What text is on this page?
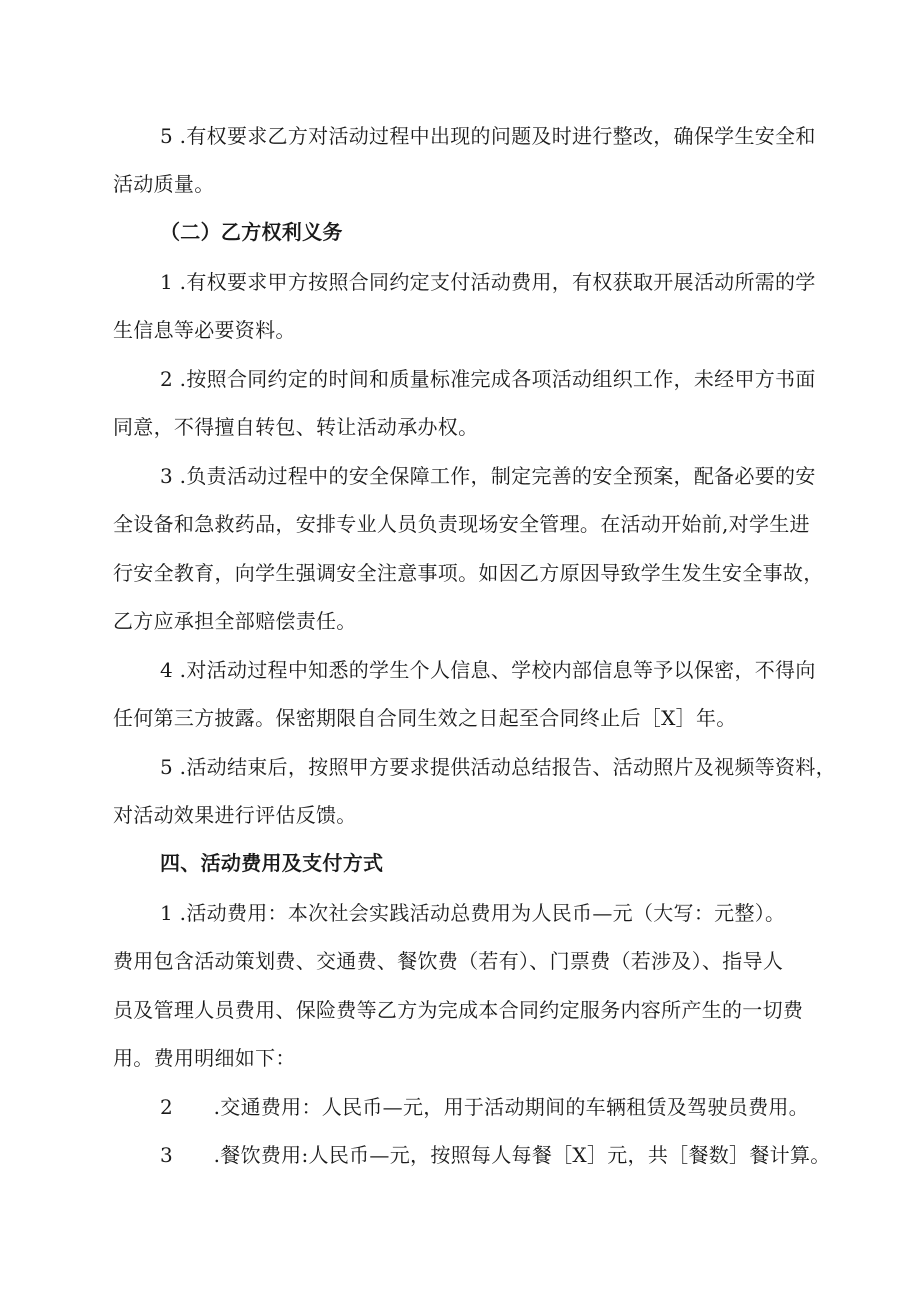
5 .有权要求乙方对活动过程中出现的问题及时进行整改，确保学生安全和
活动质量。
（二）乙方权利义务
1 .有权要求甲方按照合同约定支付活动费用，有权获取开展活动所需的学
生信息等必要资料。
2 .按照合同约定的时间和质量标准完成各项活动组织工作，未经甲方书面
同意，不得擅自转包、转让活动承办权。
3 .负责活动过程中的安全保障工作，制定完善的安全预案，配备必要的安
全设备和急救药品，安排专业人员负责现场安全管理。在活动开始前,对学生进
行安全教育，向学生强调安全注意事项。如因乙方原因导致学生发生安全事故，
乙方应承担全部赔偿责任。
4 .对活动过程中知悉的学生个人信息、学校内部信息等予以保密，不得向
任何第三方披露。保密期限自合同生效之日起至合同终止后［X］年。
5 .活动结束后，按照甲方要求提供活动总结报告、活动照片及视频等资料，
对活动效果进行评估反馈。
四、活动费用及支付方式
1 .活动费用：本次社会实践活动总费用为人民币—元（大写：元整）。
费用包含活动策划费、交通费、餐饮费（若有）、门票费（若涉及）、指导人
员及管理人员费用、保险费等乙方为完成本合同约定服务内容所产生的一切费
用。费用明细如下：
2　　.交通费用：人民币—元，用于活动期间的车辆租赁及驾驶员费用。
3　　.餐饮费用:人民币—元，按照每人每餐［X］元，共［餐数］餐计算。
